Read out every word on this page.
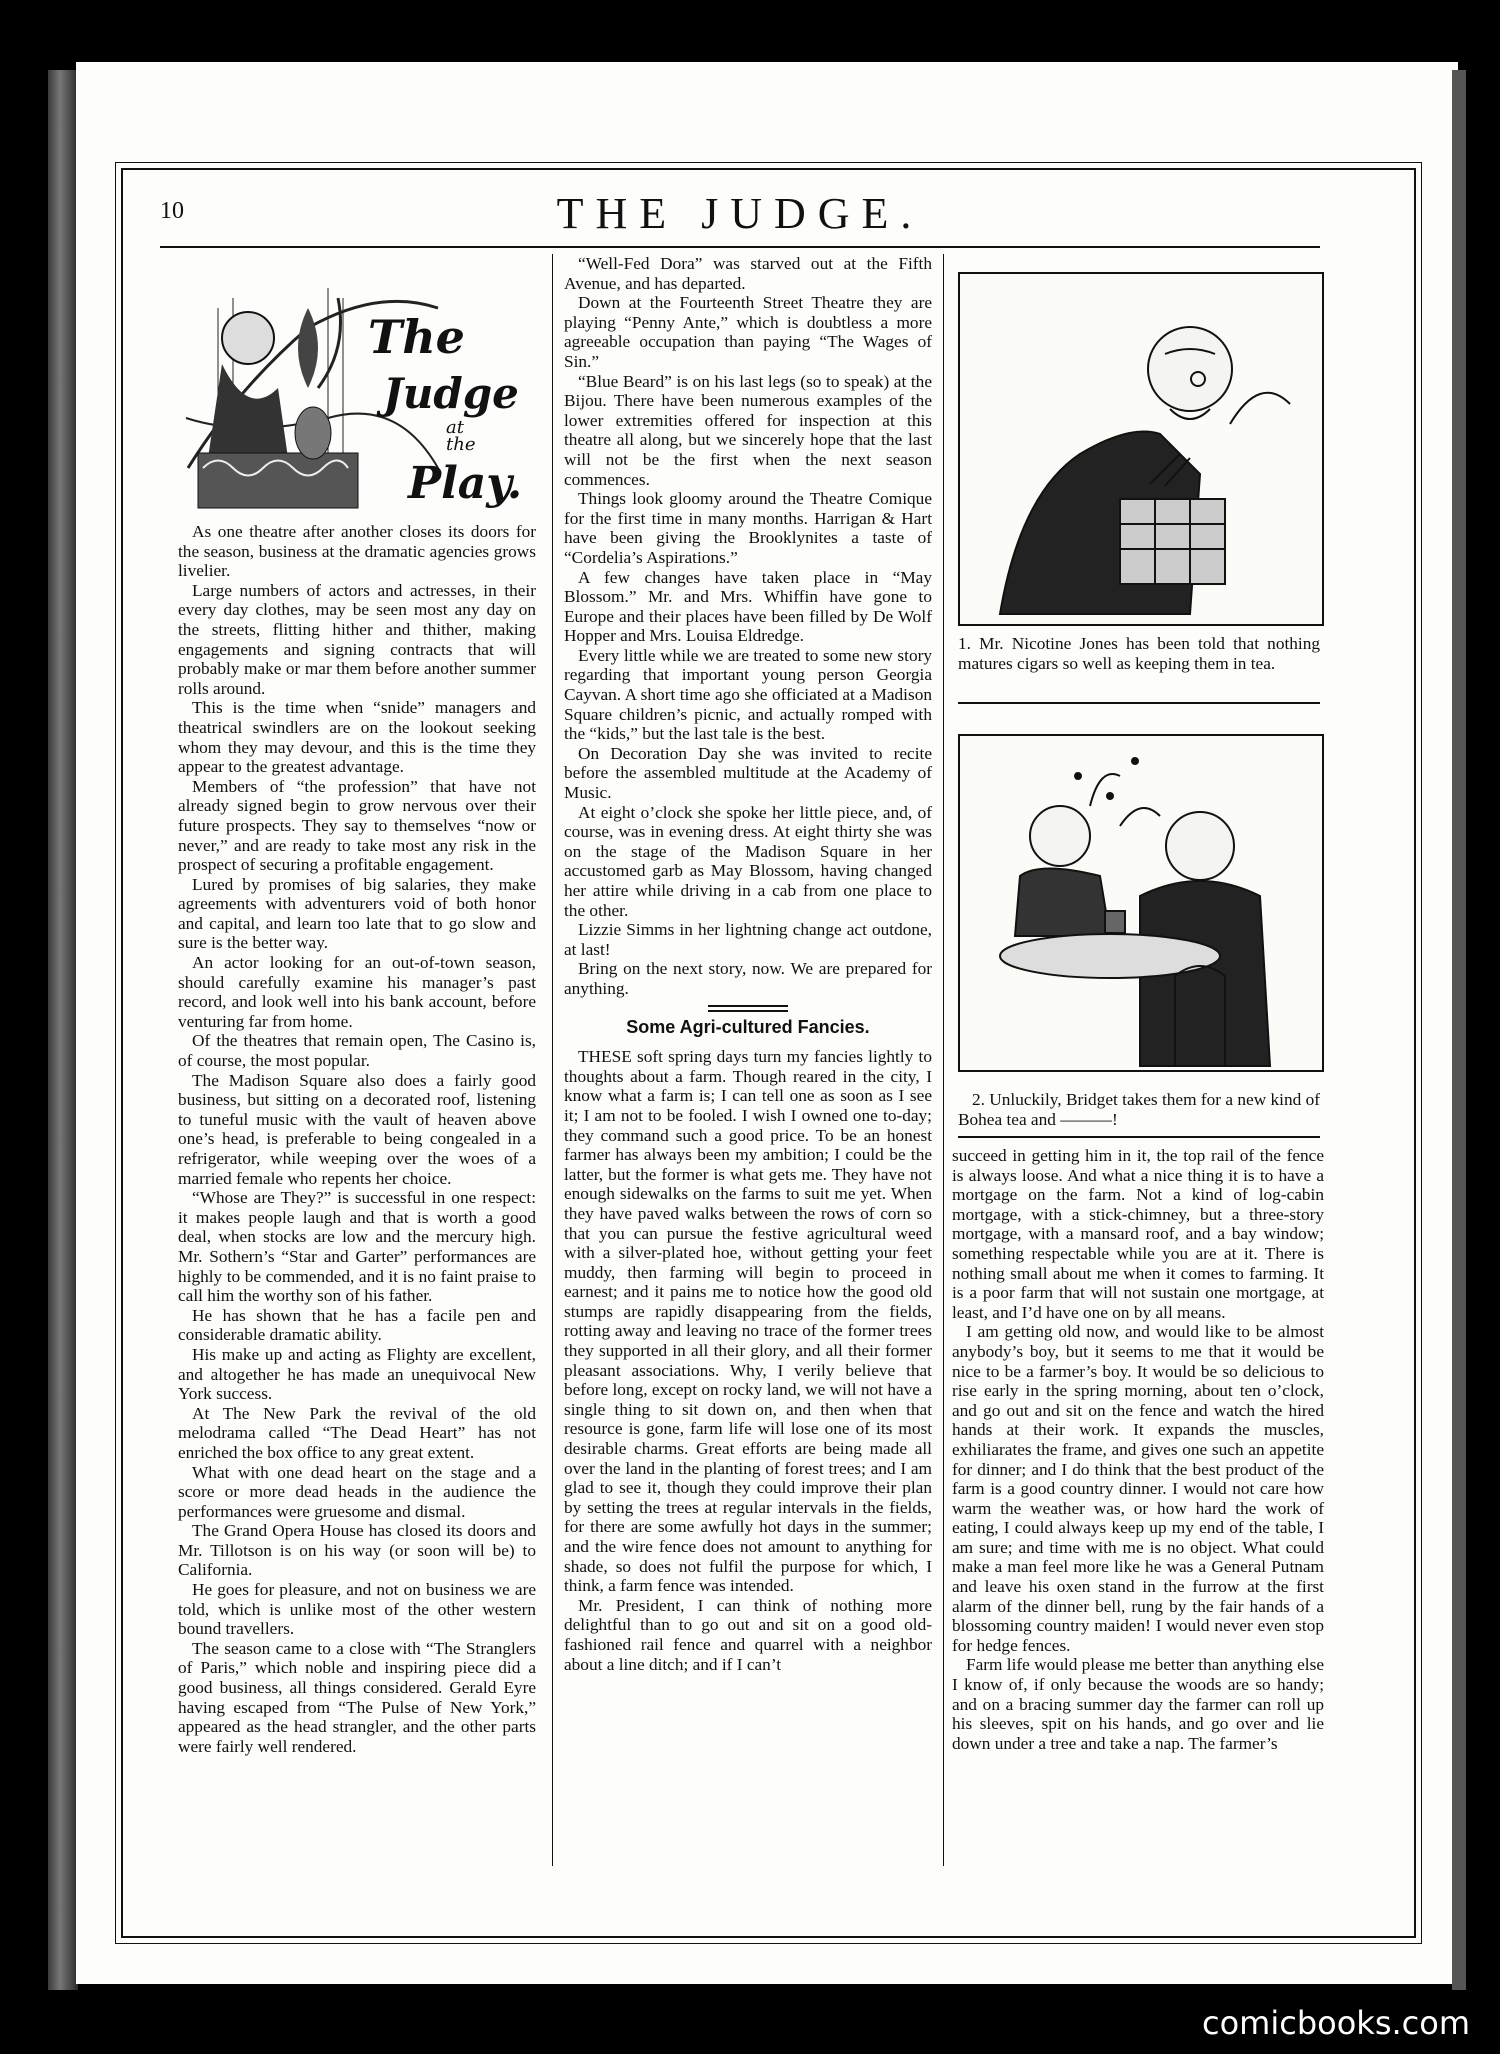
10	THE JUDGE.
The
Judge
at
the
Play.

As one theatre after another closes its doors for the season, business at the dramatic agencies grows livelier.

Large numbers of actors and actresses, in their every day clothes, may be seen most any day on the streets, flitting hither and thither, making engagements and signing contracts that will probably make or mar them before another summer rolls around.

This is the time when “snide” managers and theatrical swindlers are on the lookout seeking whom they may devour, and this is the time they appear to the greatest advantage.

Members of “the profession” that have not already signed begin to grow nervous over their future prospects. They say to themselves “now or never,” and are ready to take most any risk in the prospect of securing a profitable engagement.

Lured by promises of big salaries, they make agreements with adventurers void of both honor and capital, and learn too late that to go slow and sure is the better way.

An actor looking for an out-of-town season, should carefully examine his manager’s past record, and look well into his bank account, before venturing far from home.

Of the theatres that remain open, The Casino is, of course, the most popular.

The Madison Square also does a fairly good business, but sitting on a decorated roof, listening to tuneful music with the vault of heaven above one’s head, is preferable to being congealed in a refrigerator, while weeping over the woes of a married female who repents her choice.

“Whose are They?” is successful in one respect: it makes people laugh and that is worth a good deal, when stocks are low and the mercury high. Mr. Sothern’s “Star and Garter” performances are highly to be commended, and it is no faint praise to call him the worthy son of his father.

He has shown that he has a facile pen and considerable dramatic ability.

His make up and acting as Flighty are excellent, and altogether he has made an unequivocal New York success.

At The New Park the revival of the old melodrama called “The Dead Heart” has not enriched the box office to any great extent.

What with one dead heart on the stage and a score or more dead heads in the audience the performances were gruesome and dismal.

The Grand Opera House has closed its doors and Mr. Tillotson is on his way (or soon will be) to California.

He goes for pleasure, and not on business we are told, which is unlike most of the other western bound travellers.

The season came to a close with “The Stranglers of Paris,” which noble and inspiring piece did a good business, all things considered. Gerald Eyre having escaped from “The Pulse of New York,” appeared as the head strangler, and the other parts were fairly well rendered.

“Well-Fed Dora” was starved out at the Fifth Avenue, and has departed.

Down at the Fourteenth Street Theatre they are playing “Penny Ante,” which is doubtless a more agreeable occupation than paying “The Wages of Sin.”

“Blue Beard” is on his last legs (so to speak) at the Bijou. There have been numerous examples of the lower extremities offered for inspection at this theatre all along, but we sincerely hope that the last will not be the first when the next season commences.

Things look gloomy around the Theatre Comique for the first time in many months. Harrigan & Hart have been giving the Brooklynites a taste of “Cordelia’s Aspirations.”

A few changes have taken place in “May Blossom.” Mr. and Mrs. Whiffin have gone to Europe and their places have been filled by De Wolf Hopper and Mrs. Louisa Eldredge.

Every little while we are treated to some new story regarding that important young person Georgia Cayvan. A short time ago she officiated at a Madison Square children’s picnic, and actually romped with the “kids,” but the last tale is the best.

On Decoration Day she was invited to recite before the assembled multitude at the Academy of Music.

At eight o’clock she spoke her little piece, and, of course, was in evening dress. At eight thirty she was on the stage of the Madison Square in her accustomed garb as May Blossom, having changed her attire while driving in a cab from one place to the other.

Lizzie Simms in her lightning change act outdone, at last!

Bring on the next story, now. We are prepared for anything.

Some Agri-cultured Fancies.

THESE soft spring days turn my fancies lightly to thoughts about a farm. Though reared in the city, I know what a farm is; I can tell one as soon as I see it; I am not to be fooled. I wish I owned one to-day; they command such a good price. To be an honest farmer has always been my ambition; I could be the latter, but the former is what gets me. They have not enough sidewalks on the farms to suit me yet. When they have paved walks between the rows of corn so that you can pursue the festive agricultural weed with a silver-plated hoe, without getting your feet muddy, then farming will begin to proceed in earnest; and it pains me to notice how the good old stumps are rapidly disappearing from the fields, rotting away and leaving no trace of the former trees they supported in all their glory, and all their former pleasant associations. Why, I verily believe that before long, except on rocky land, we will not have a single thing to sit down on, and then when that resource is gone, farm life will lose one of its most desirable charms. Great efforts are being made all over the land in the planting of forest trees; and I am glad to see it, though they could improve their plan by setting the trees at regular intervals in the fields, for there are some awfully hot days in the summer; and the wire fence does not amount to anything for shade, so does not fulfil the purpose for which, I think, a farm fence was intended.

Mr. President, I can think of nothing more delightful than to go out and sit on a good old-fashioned rail fence and quarrel with a neighbor about a line ditch; and if I can’t

1. Mr. Nicotine Jones has been told that nothing matures cigars so well as keeping them in tea.
2. Unluckily, Bridget takes them for a new kind of Bohea tea and ———!

succeed in getting him in it, the top rail of the fence is always loose. And what a nice thing it is to have a mortgage on the farm. Not a kind of log-cabin mortgage, with a stick-chimney, but a three-story mortgage, with a mansard roof, and a bay window; something respectable while you are at it. There is nothing small about me when it comes to farming. It is a poor farm that will not sustain one mortgage, at least, and I’d have one on by all means.

I am getting old now, and would like to be almost anybody’s boy, but it seems to me that it would be nice to be a farmer’s boy. It would be so delicious to rise early in the spring morning, about ten o’clock, and go out and sit on the fence and watch the hired hands at their work. It expands the muscles, exhiliarates the frame, and gives one such an appetite for dinner; and I do think that the best product of the farm is a good country dinner. I would not care how warm the weather was, or how hard the work of eating, I could always keep up my end of the table, I am sure; and time with me is no object. What could make a man feel more like he was a General Putnam and leave his oxen stand in the furrow at the first alarm of the dinner bell, rung by the fair hands of a blossoming country maiden! I would never even stop for hedge fences.

Farm life would please me better than anything else I know of, if only because the woods are so handy; and on a bracing summer day the farmer can roll up his sleeves, spit on his hands, and go over and lie down under a tree and take a nap. The farmer’s

comicbooks.com
